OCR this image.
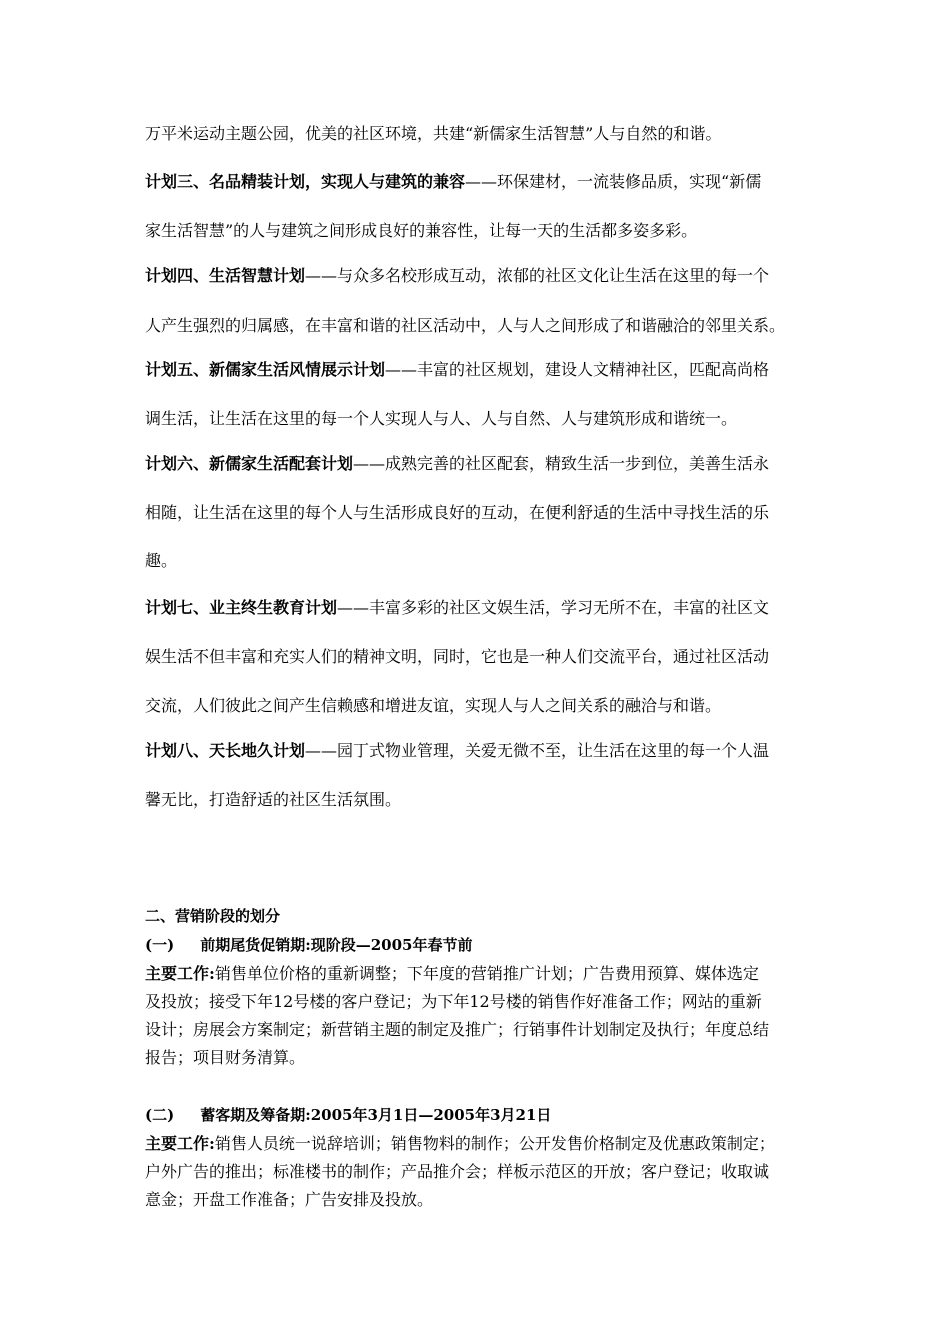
万平米运动主题公园，优美的社区环境，共建“新儒家生活智慧”人与自然的和谐。
计划三、名品精装计划，实现人与建筑的兼容——环保建材，一流装修品质，实现“新儒
家生活智慧”的人与建筑之间形成良好的兼容性，让每一天的生活都多姿多彩。
计划四、生活智慧计划——与众多名校形成互动，浓郁的社区文化让生活在这里的每一个
人产生强烈的归属感，在丰富和谐的社区活动中，人与人之间形成了和谐融洽的邻里关系。
计划五、新儒家生活风情展示计划——丰富的社区规划，建设人文精神社区，匹配高尚格
调生活，让生活在这里的每一个人实现人与人、人与自然、人与建筑形成和谐统一。
计划六、新儒家生活配套计划——成熟完善的社区配套，精致生活一步到位，美善生活永
相随，让生活在这里的每个人与生活形成良好的互动，在便利舒适的生活中寻找生活的乐
趣。
计划七、业主终生教育计划——丰富多彩的社区文娱生活，学习无所不在，丰富的社区文
娱生活不但丰富和充实人们的精神文明，同时，它也是一种人们交流平台，通过社区活动
交流，人们彼此之间产生信赖感和增进友谊，实现人与人之间关系的融洽与和谐。
计划八、天长地久计划——园丁式物业管理，关爱无微不至，让生活在这里的每一个人温
馨无比，打造舒适的社区生活氛围。
二、营销阶段的划分
(一) 前期尾货促销期:现阶段—2005年春节前
主要工作:销售单位价格的重新调整；下年度的营销推广计划；广告费用预算、媒体选定
及投放；接受下年12号楼的客户登记；为下年12号楼的销售作好准备工作；网站的重新
设计；房展会方案制定；新营销主题的制定及推广；行销事件计划制定及执行；年度总结
报告；项目财务清算。
(二) 蓄客期及筹备期:2005年3月1日—2005年3月21日
主要工作:销售人员统一说辞培训；销售物料的制作；公开发售价格制定及优惠政策制定；
户外广告的推出；标准楼书的制作；产品推介会；样板示范区的开放；客户登记；收取诚
意金；开盘工作准备；广告安排及投放。
